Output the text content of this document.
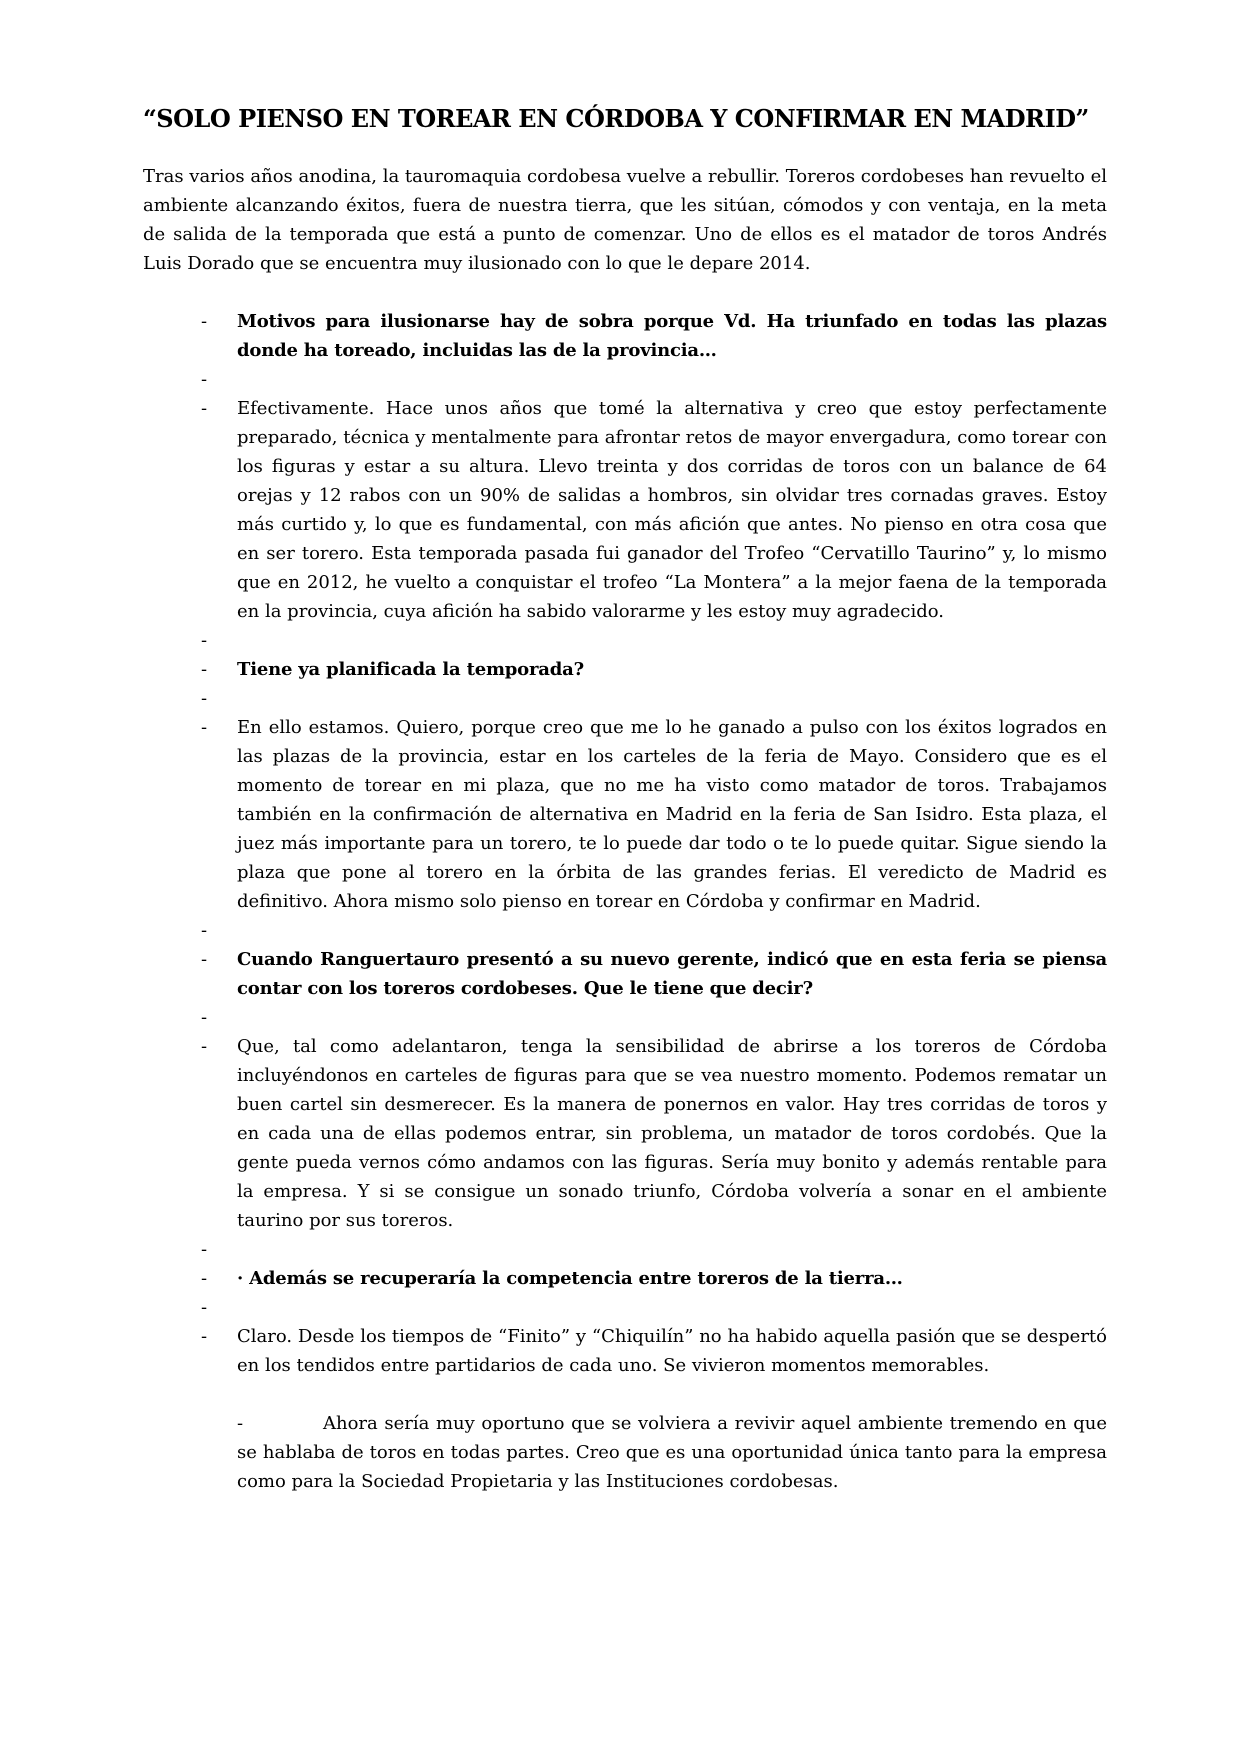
“SOLO PIENSO EN TOREAR EN CÓRDOBA Y CONFIRMAR EN MADRID”

Tras varios años anodina, la tauromaquia cordobesa vuelve a rebullir. Toreros cordobeses han revuelto el ambiente alcanzando éxitos, fuera de nuestra tierra, que les sitúan, cómodos y con ventaja, en la meta de salida de la temporada que está a punto de comenzar. Uno de ellos es el matador de toros Andrés Luis Dorado que se encuentra muy ilusionado con lo que le depare 2014.

- Motivos para ilusionarse hay de sobra porque Vd. Ha triunfado en todas las plazas donde ha toreado, incluidas las de la provincia…
-
- Efectivamente. Hace unos años que tomé la alternativa y creo que estoy perfectamente preparado, técnica y mentalmente para afrontar retos de mayor envergadura, como torear con los figuras y estar a su altura. Llevo treinta y dos corridas de toros con un balance de 64 orejas y 12 rabos con un 90% de salidas a hombros, sin olvidar tres cornadas graves. Estoy más curtido y, lo que es fundamental, con más afición que antes. No pienso en otra cosa que en ser torero. Esta temporada pasada fui ganador del Trofeo “Cervatillo Taurino” y, lo mismo que en 2012, he vuelto a conquistar el trofeo “La Montera” a la mejor faena de la temporada en la provincia, cuya afición ha sabido valorarme y les estoy muy agradecido.
-
- Tiene ya planificada la temporada?
-
- En ello estamos. Quiero, porque creo que me lo he ganado a pulso con los éxitos logrados en las plazas de la provincia, estar en los carteles de la feria de Mayo. Considero que es el momento de torear en mi plaza, que no me ha visto como matador de toros. Trabajamos también en la confirmación de alternativa en Madrid en la feria de San Isidro. Esta plaza, el juez más importante para un torero, te lo puede dar todo o te lo puede quitar. Sigue siendo la plaza que pone al torero en la órbita de las grandes ferias. El veredicto de Madrid es definitivo. Ahora mismo solo pienso en torear en Córdoba y confirmar en Madrid.
-
- Cuando Ranguertauro presentó a su nuevo gerente, indicó que en esta feria se piensa contar con los toreros cordobeses. Que le tiene que decir?
-
- Que, tal como adelantaron, tenga la sensibilidad de abrirse a los toreros de Córdoba incluyéndonos en carteles de figuras para que se vea nuestro momento. Podemos rematar un buen cartel sin desmerecer. Es la manera de ponernos en valor. Hay tres corridas de toros y en cada una de ellas podemos entrar, sin problema, un matador de toros cordobés. Que la gente pueda vernos cómo andamos con las figuras. Sería muy bonito y además rentable para la empresa. Y si se consigue un sonado triunfo, Córdoba volvería a sonar en el ambiente taurino por sus toreros.
-
- · Además se recuperaría la competencia entre toreros de la tierra…
-
- Claro. Desde los tiempos de “Finito” y “Chiquilín” no ha habido aquella pasión que se despertó en los tendidos entre partidarios de cada uno. Se vivieron momentos memorables.
-	Ahora sería muy oportuno que se volviera a revivir aquel ambiente tremendo en que se hablaba de toros en todas partes. Creo que es una oportunidad única tanto para la empresa como para la Sociedad Propietaria y las Instituciones cordobesas.
